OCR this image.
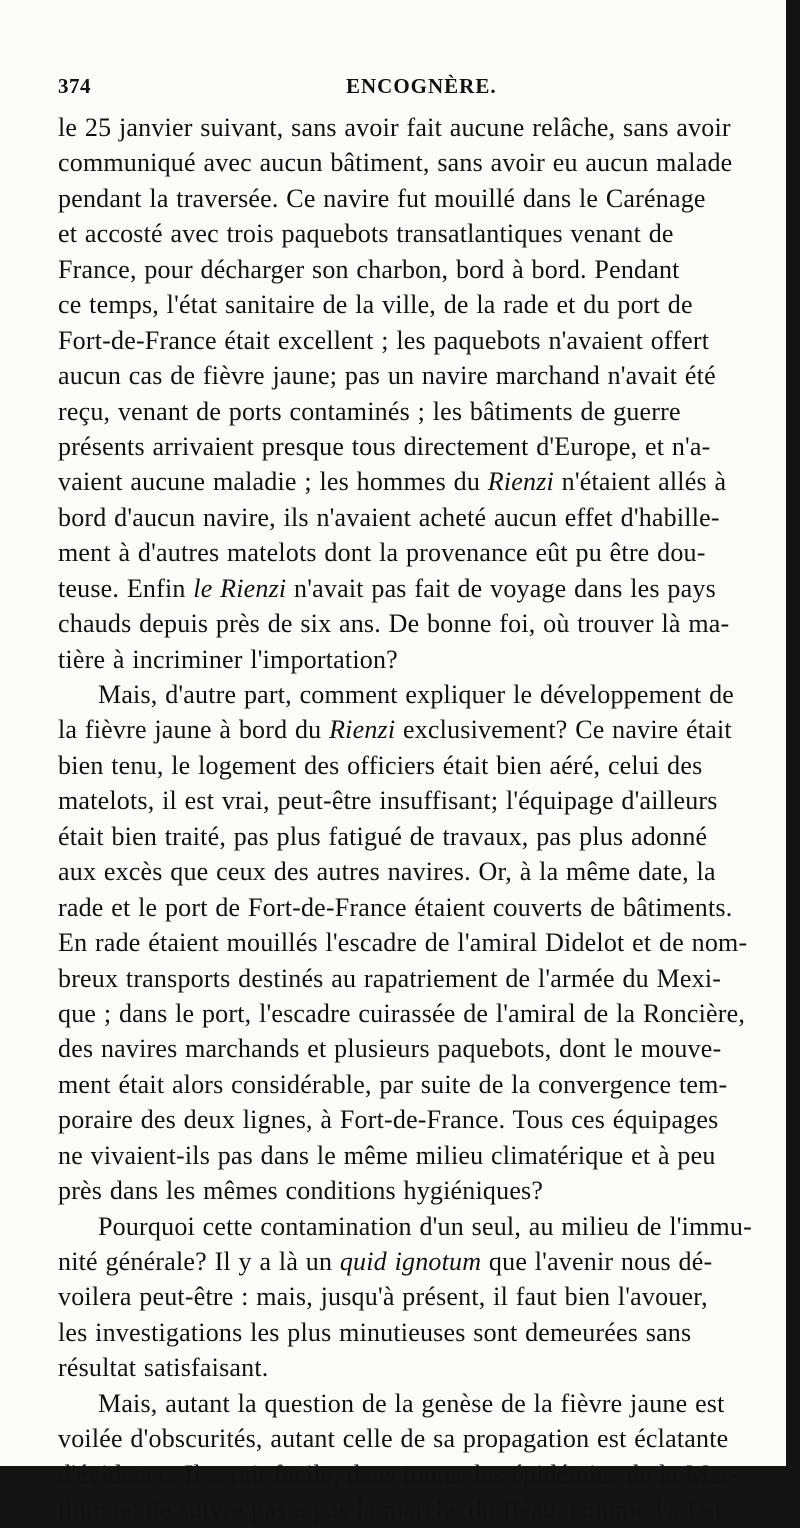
374	ENCOGNÈRE.
le 25 janvier suivant, sans avoir fait aucune relâche, sans avoir
communiqué avec aucun bâtiment, sans avoir eu aucun malade
pendant la traversée. Ce navire fut mouillé dans le Carénage
et accosté avec trois paquebots transatlantiques venant de
France, pour décharger son charbon, bord à bord. Pendant
ce temps, l'état sanitaire de la ville, de la rade et du port de
Fort-de-France était excellent ; les paquebots n'avaient offert
aucun cas de fièvre jaune; pas un navire marchand n'avait été
reçu, venant de ports contaminés ; les bâtiments de guerre
présents arrivaient presque tous directement d'Europe, et n'a-
vaient aucune maladie ; les hommes du Rienzi n'étaient allés à
bord d'aucun navire, ils n'avaient acheté aucun effet d'habille-
ment à d'autres matelots dont la provenance eût pu être dou-
teuse. Enfin le Rienzi n'avait pas fait de voyage dans les pays
chauds depuis près de six ans. De bonne foi, où trouver là ma-
tière à incriminer l'importation?
Mais, d'autre part, comment expliquer le développement de
la fièvre jaune à bord du Rienzi exclusivement? Ce navire était
bien tenu, le logement des officiers était bien aéré, celui des
matelots, il est vrai, peut-être insuffisant; l'équipage d'ailleurs
était bien traité, pas plus fatigué de travaux, pas plus adonné
aux excès que ceux des autres navires. Or, à la même date, la
rade et le port de Fort-de-France étaient couverts de bâtiments.
En rade étaient mouillés l'escadre de l'amiral Didelot et de nom-
breux transports destinés au rapatriement de l'armée du Mexi-
que ; dans le port, l'escadre cuirassée de l'amiral de la Roncière,
des navires marchands et plusieurs paquebots, dont le mouve-
ment était alors considérable, par suite de la convergence tem-
poraire des deux lignes, à Fort-de-France. Tous ces équipages
ne vivaient-ils pas dans le même milieu climatérique et à peu
près dans les mêmes conditions hygiéniques?
Pourquoi cette contamination d'un seul, au milieu de l'immu-
nité générale? Il y a là un quid ignotum que l'avenir nous dé-
voilera peut-être : mais, jusqu'à présent, il faut bien l'avouer,
les investigations les plus minutieuses sont demeurées sans
résultat satisfaisant.
Mais, autant la question de la genèse de la fièvre jaune est
voilée d'obscurités, autant celle de sa propagation est éclatante
d'évidence. Il serait facile, dans toutes les épidémies de la Mar-
tinique, de suivre pas à pas la marche du fléau, comme l'a fait
